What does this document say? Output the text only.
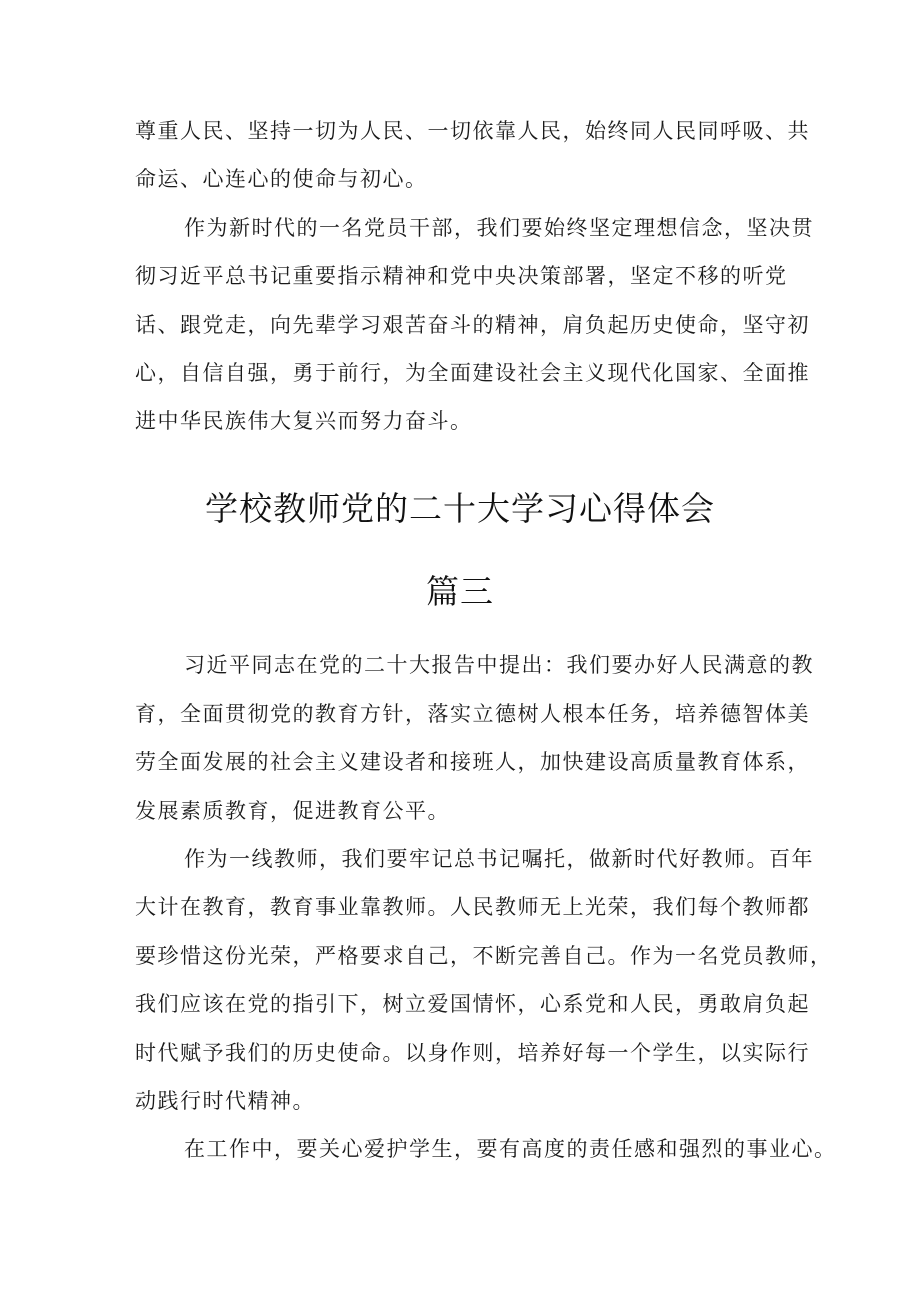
尊重人民、坚持一切为人民、一切依靠人民，始终同人民同呼吸、共
命运、心连心的使命与初心。
作为新时代的一名党员干部，我们要始终坚定理想信念，坚决贯
彻习近平总书记重要指示精神和党中央决策部署，坚定不移的听党
话、跟党走，向先辈学习艰苦奋斗的精神，肩负起历史使命，坚守初
心，自信自强，勇于前行，为全面建设社会主义现代化国家、全面推
进中华民族伟大复兴而努力奋斗。
学校教师党的二十大学习心得体会
篇三
习近平同志在党的二十大报告中提出：我们要办好人民满意的教
育，全面贯彻党的教育方针，落实立德树人根本任务，培养德智体美
劳全面发展的社会主义建设者和接班人，加快建设高质量教育体系，
发展素质教育，促进教育公平。
作为一线教师，我们要牢记总书记嘱托，做新时代好教师。百年
大计在教育，教育事业靠教师。人民教师无上光荣，我们每个教师都
要珍惜这份光荣，严格要求自己，不断完善自己。作为一名党员教师，
我们应该在党的指引下，树立爱国情怀，心系党和人民，勇敢肩负起
时代赋予我们的历史使命。以身作则，培养好每一个学生，以实际行
动践行时代精神。
在工作中，要关心爱护学生，要有高度的责任感和强烈的事业心。
